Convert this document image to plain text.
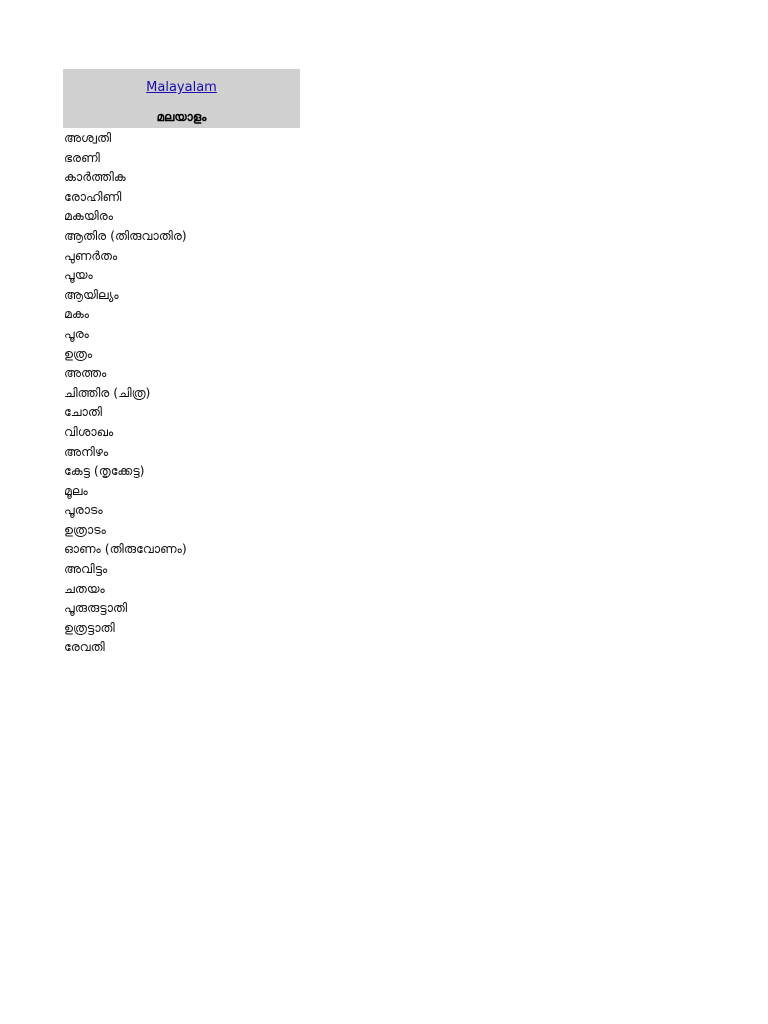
Malayalam
മലയാളം
അശ്വതി
ഭരണി
കാർത്തിക
രോഹിണി
മകയിരം
ആതിര (തിരുവാതിര)
പുണർതം
പൂയം
ആയില്യം
മകം
പൂരം
ഉത്രം
അത്തം
ചിത്തിര (ചിത്ര)
ചോതി
വിശാഖം
അനിഴം
കേട്ട (തൃക്കേട്ട)
മൂലം
പൂരാടം
ഉത്രാടം
ഓണം (തിരുവോണം)
അവിട്ടം
ചതയം
പൂരുരുട്ടാതി
ഉത്രട്ടാതി
രേവതി
